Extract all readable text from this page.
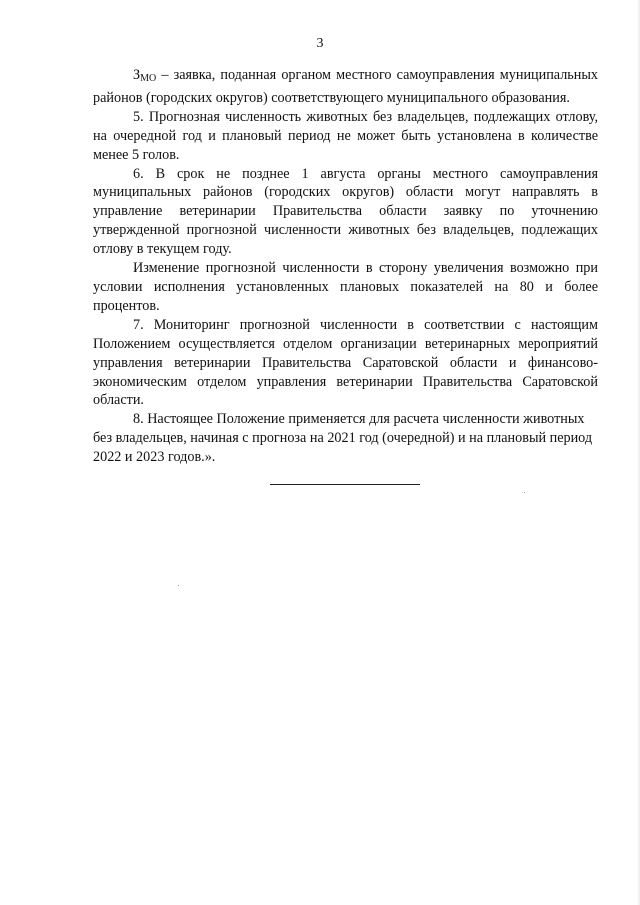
3

$З_{МО}$ – заявка, поданная органом местного самоуправления муниципальных районов (городских округов) соответствующего муниципального образования.

5. Прогнозная численность животных без владельцев, подлежащих отлову, на очередной год и плановый период не может быть установлена в количестве менее 5 голов.

6. В срок не позднее 1 августа органы местного самоуправления муниципальных районов (городских округов) области могут направлять в управление ветеринарии Правительства области заявку по уточнению утвержденной прогнозной численности животных без владельцев, подлежащих отлову в текущем году.

Изменение прогнозной численности в сторону увеличения возможно при условии исполнения установленных плановых показателей на 80 и более процентов.

7. Мониторинг прогнозной численности в соответствии с настоящим Положением осуществляется отделом организации ветеринарных мероприятий управления ветеринарии Правительства Саратовской области и финансово-экономическим отделом управления ветеринарии Правительства Саратовской области.

8. Настоящее Положение применяется для расчета численности животных без владельцев, начиная с прогноза на 2021 год (очередной) и на плановый период 2022 и 2023 годов.».
